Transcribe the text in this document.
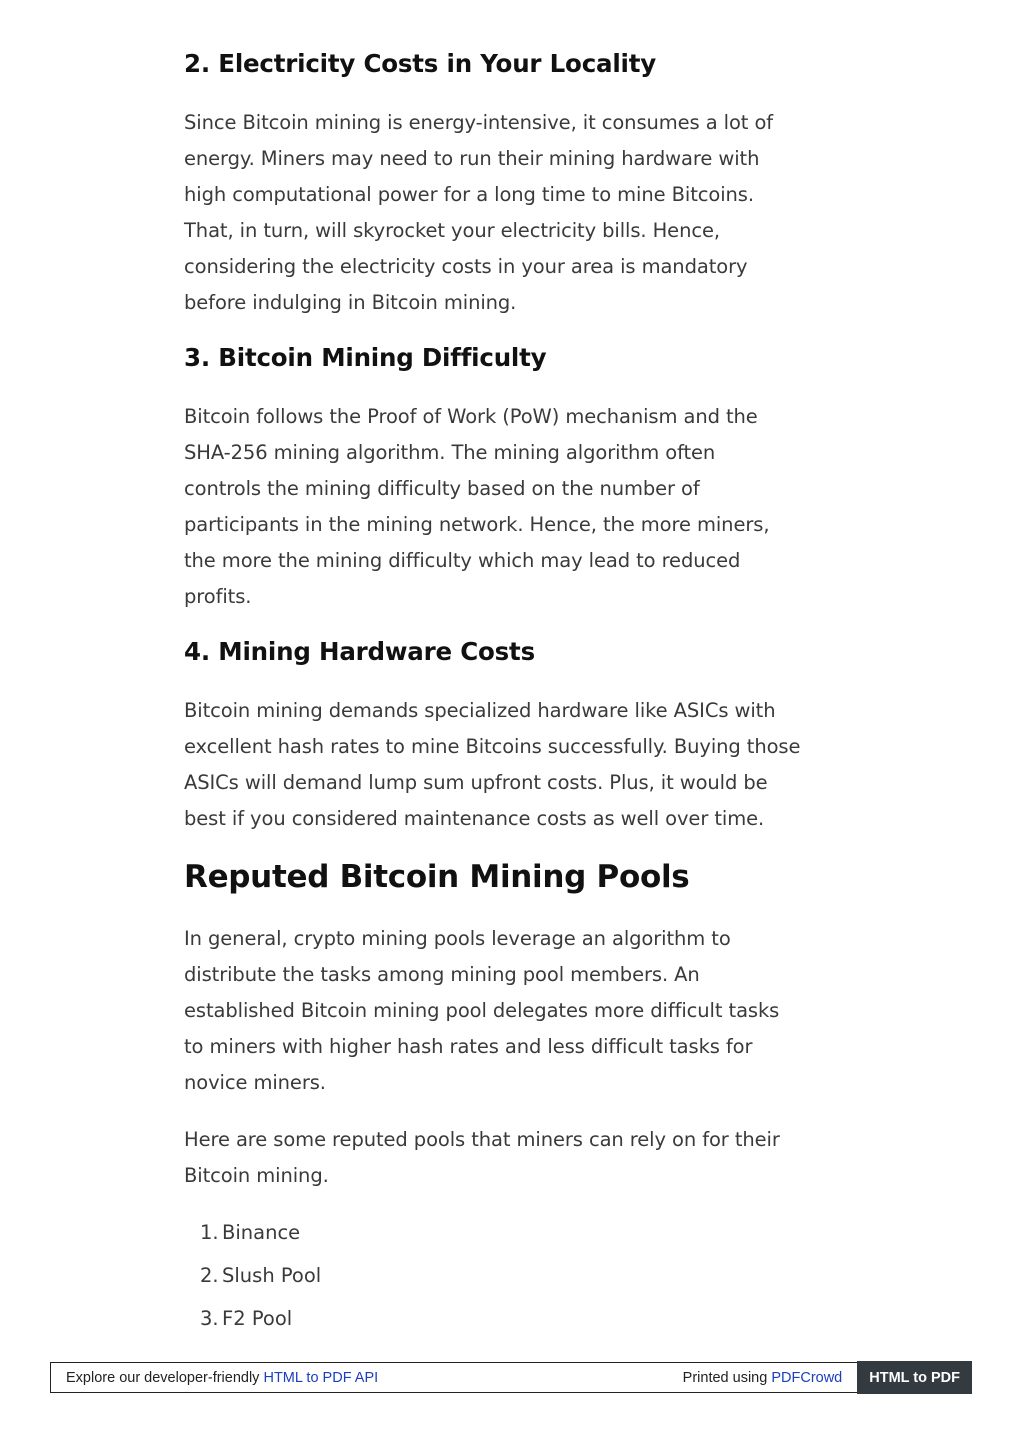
2. Electricity Costs in Your Locality

Since Bitcoin mining is energy-intensive, it consumes a lot of
energy. Miners may need to run their mining hardware with
high computational power for a long time to mine Bitcoins.
That, in turn, will skyrocket your electricity bills. Hence,
considering the electricity costs in your area is mandatory
before indulging in Bitcoin mining.

3. Bitcoin Mining Difficulty

Bitcoin follows the Proof of Work (PoW) mechanism and the
SHA-256 mining algorithm. The mining algorithm often
controls the mining difficulty based on the number of
participants in the mining network. Hence, the more miners,
the more the mining difficulty which may lead to reduced
profits.

4. Mining Hardware Costs

Bitcoin mining demands specialized hardware like ASICs with
excellent hash rates to mine Bitcoins successfully. Buying those
ASICs will demand lump sum upfront costs. Plus, it would be
best if you considered maintenance costs as well over time.

Reputed Bitcoin Mining Pools

In general, crypto mining pools leverage an algorithm to
distribute the tasks among mining pool members. An
established Bitcoin mining pool delegates more difficult tasks
to miners with higher hash rates and less difficult tasks for
novice miners.

Here are some reputed pools that miners can rely on for their
Bitcoin mining.

1. Binance
2. Slush Pool
3. F2 Pool
Explore our developer-friendly HTML to PDF API	Printed using PDFCrowd	HTML to PDF
